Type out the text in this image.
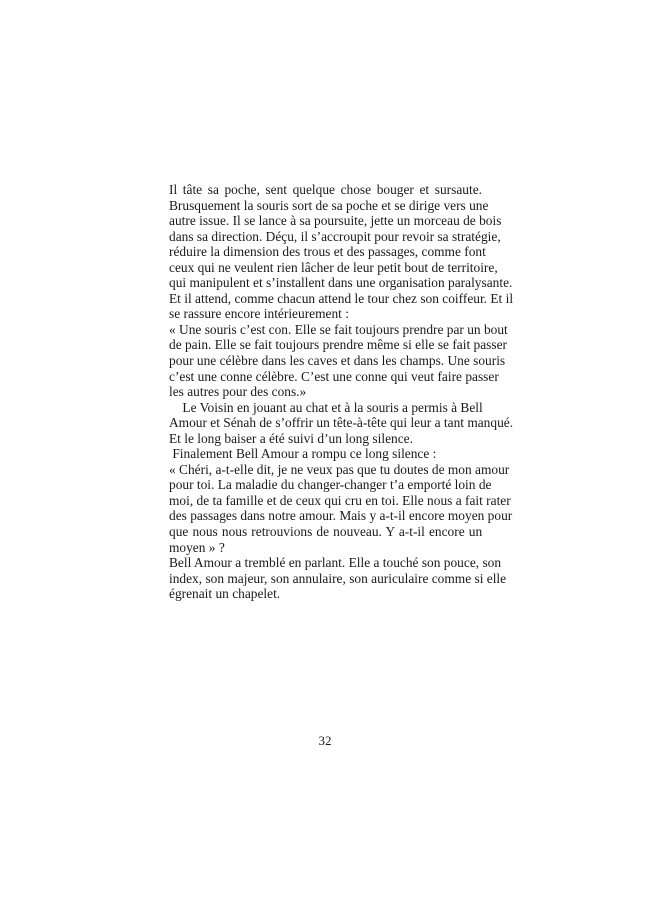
Il tâte sa poche, sent quelque chose bouger et sursaute.
Brusquement la souris sort de sa poche et se dirige vers une
autre issue. Il se lance à sa poursuite, jette un morceau de bois
dans sa direction. Déçu, il s’accroupit pour revoir sa stratégie,
réduire la dimension des trous et des passages, comme font
ceux qui ne veulent rien lâcher de leur petit bout de territoire,
qui manipulent et s’installent dans une organisation paralysante.
Et il attend, comme chacun attend le tour chez son coiffeur. Et il
se rassure encore intérieurement :
« Une souris c’est con. Elle se fait toujours prendre par un bout
de pain. Elle se fait toujours prendre même si elle se fait passer
pour une célèbre dans les caves et dans les champs. Une souris
c’est une conne célèbre. C’est une conne qui veut faire passer
les autres pour des cons.»
Le Voisin en jouant au chat et à la souris a permis à Bell
Amour et Sénah de s’offrir un tête-à-tête qui leur a tant manqué.
Et le long baiser a été suivi d’un long silence.
Finalement Bell Amour a rompu ce long silence :
« Chéri, a-t-elle dit, je ne veux pas que tu doutes de mon amour
pour toi. La maladie du changer-changer t’a emporté loin de
moi, de ta famille et de ceux qui cru en toi. Elle nous a fait rater
des passages dans notre amour. Mais y a-t-il encore moyen pour
que nous nous retrouvions de nouveau. Y a-t-il encore un
moyen » ?
Bell Amour a tremblé en parlant. Elle a touché son pouce, son
index, son majeur, son annulaire, son auriculaire comme si elle
égrenait un chapelet.
32
